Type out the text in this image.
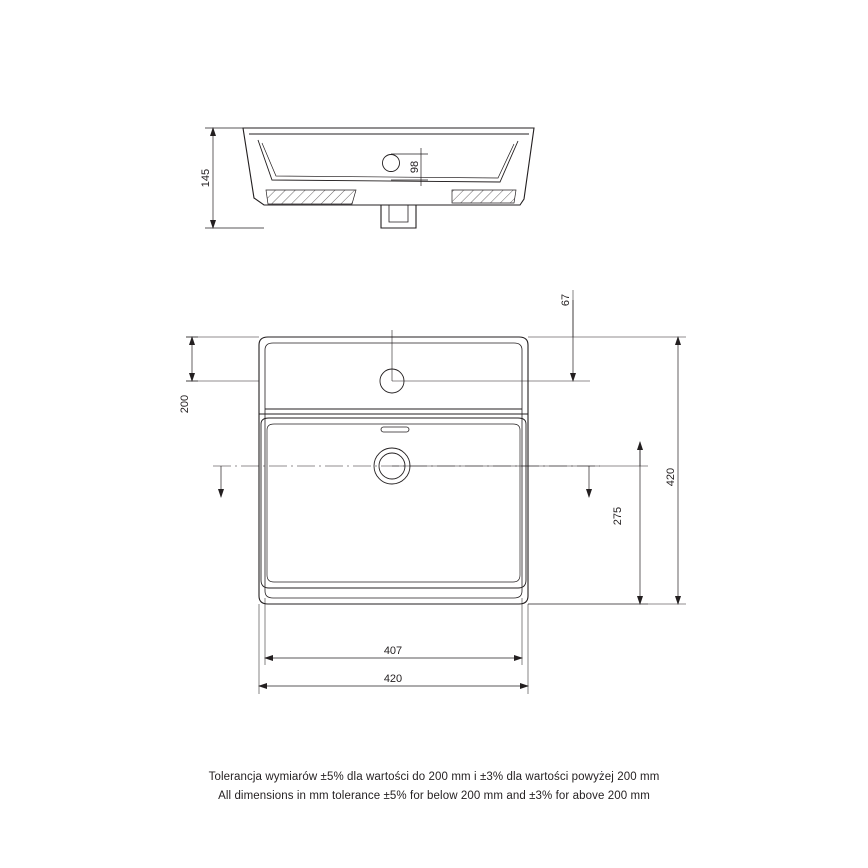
145
98
67
200
420
275
407
420
Tolerancja wymiarów ±5% dla wartości do 200 mm i ±3% dla wartości powyżej 200 mm
All dimensions in mm tolerance ±5% for below 200 mm and ±3% for above 200 mm
